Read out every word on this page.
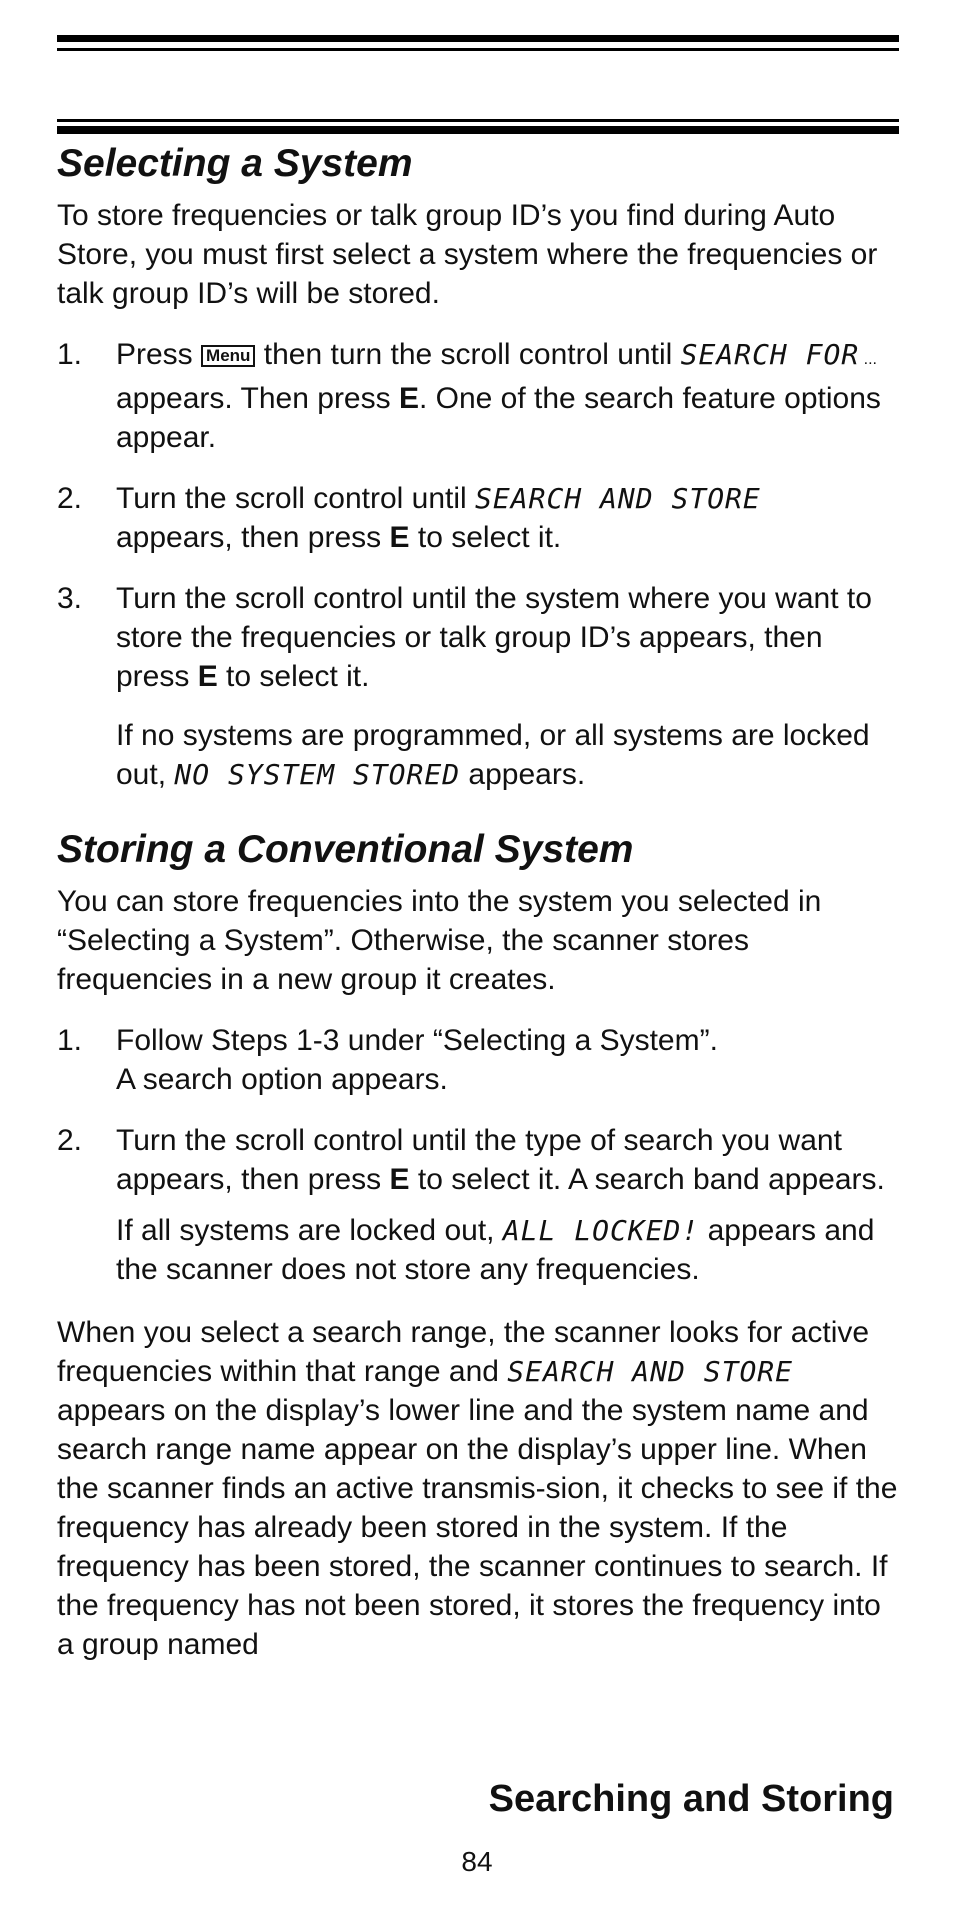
Selecting a System

To store frequencies or talk group ID’s you find during Auto Store, you must first select a system where the frequencies or talk group ID’s will be stored.

1. Press Menu then turn the scroll control until SEARCH FOR ... appears. Then press E. One of the search feature options appear.
2. Turn the scroll control until SEARCH AND STORE
appears, then press E to select it.
3. Turn the scroll control until the system where you want to store the frequencies or talk group ID’s appears, then press E to select it.

If no systems are programmed, or all systems are locked out, NO SYSTEM STORED appears.

Storing a Conventional System

You can store frequencies into the system you selected in “Selecting a System”. Otherwise, the scanner stores frequencies in a new group it creates.

1. Follow Steps 1-3 under “Selecting a System”.
A search option appears.
2. Turn the scroll control until the type of search you want appears, then press E to select it. A search band appears.

If all systems are locked out, ALL LOCKED! appears and the scanner does not store any frequencies.

When you select a search range, the scanner looks for active frequencies within that range and SEARCH AND STORE appears on the display’s lower line and the system name and search range name appear on the display’s upper line. When the scanner finds an active transmis-sion, it checks to see if the frequency has already been stored in the system. If the frequency has been stored, the scanner continues to search. If the frequency has not been stored, it stores the frequency into a group named

Searching and Storing
84
